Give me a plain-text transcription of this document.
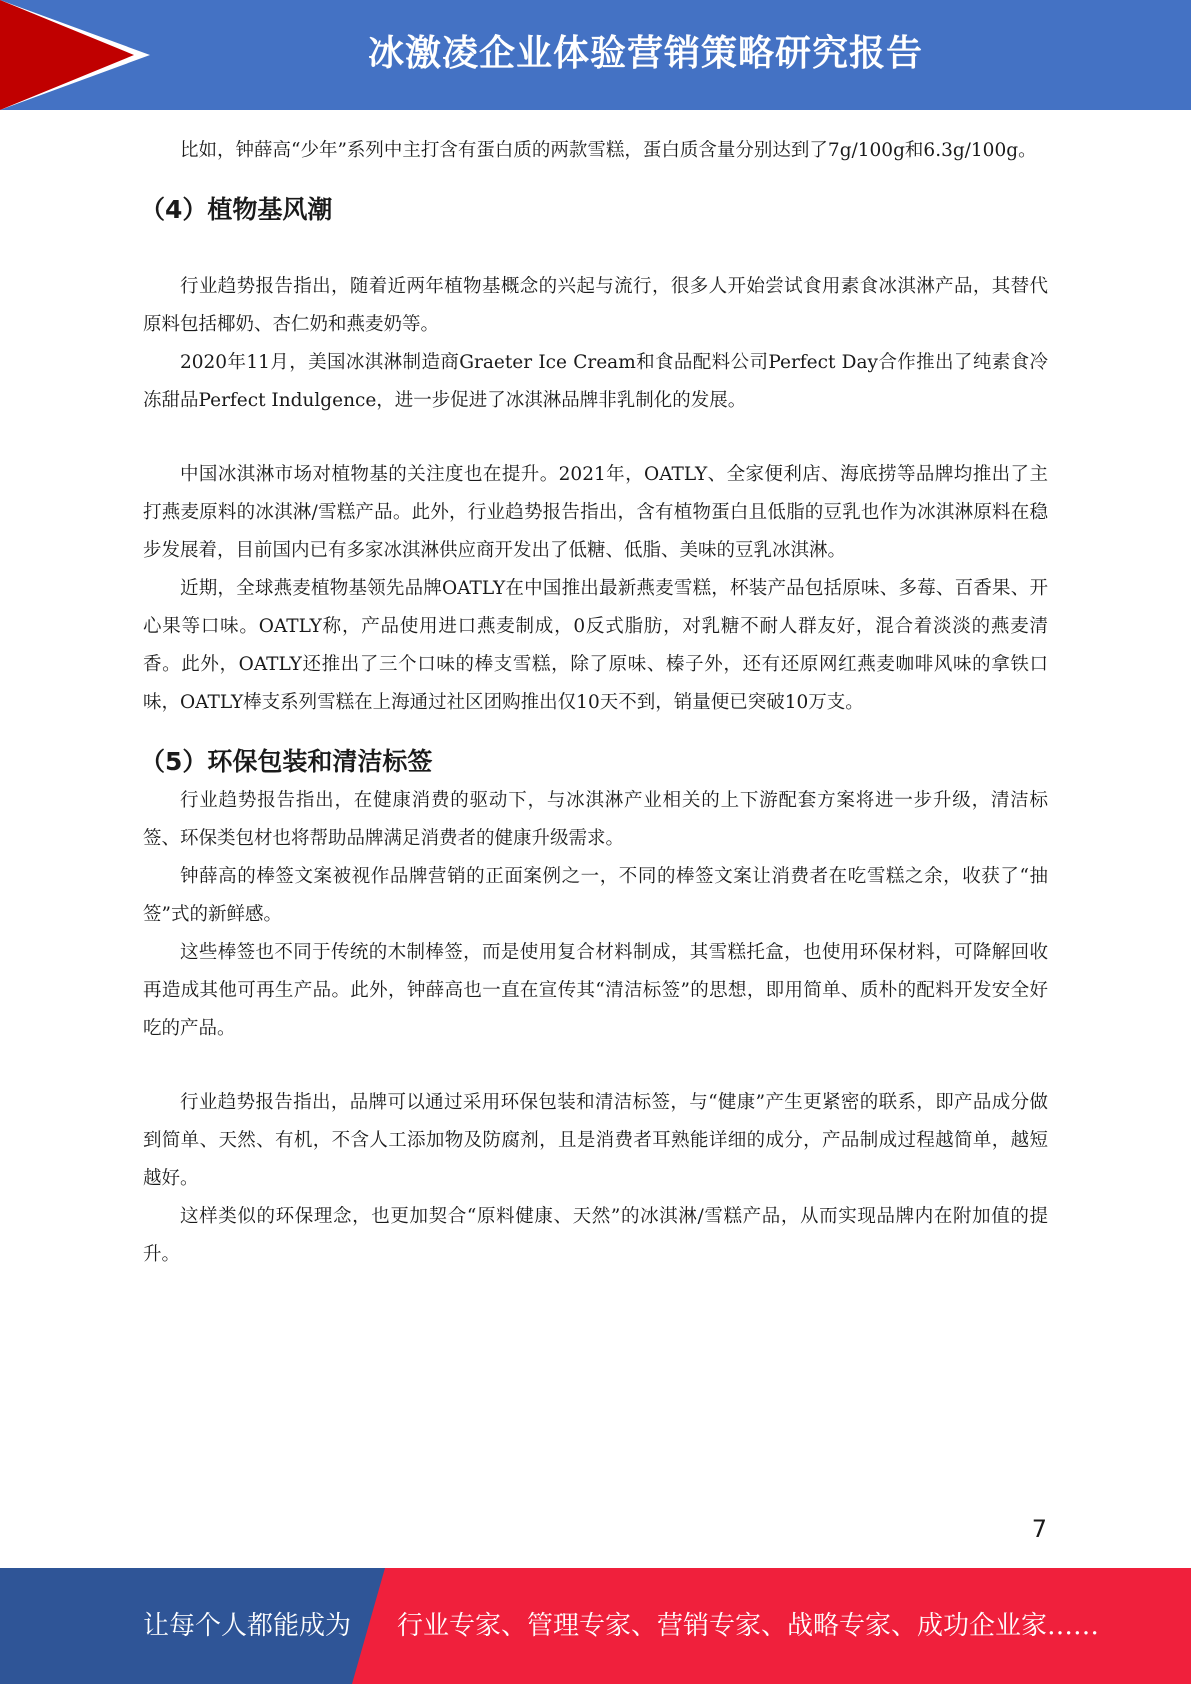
冰激凌企业体验营销策略研究报告

比如，钟薛高“少年”系列中主打含有蛋白质的两款雪糕，蛋白质含量分别达到了7g/100g和6.3g/100g。

（4）植物基风潮

行业趋势报告指出，随着近两年植物基概念的兴起与流行，很多人开始尝试食用素食冰淇淋产品，其替代原料包括椰奶、杏仁奶和燕麦奶等。

2020年11月，美国冰淇淋制造商Graeter Ice Cream和食品配料公司Perfect Day合作推出了纯素食冷冻甜品Perfect Indulgence，进一步促进了冰淇淋品牌非乳制化的发展。

中国冰淇淋市场对植物基的关注度也在提升。2021年，OATLY、全家便利店、海底捞等品牌均推出了主打燕麦原料的冰淇淋/雪糕产品。此外，行业趋势报告指出，含有植物蛋白且低脂的豆乳也作为冰淇淋原料在稳步发展着，目前国内已有多家冰淇淋供应商开发出了低糖、低脂、美味的豆乳冰淇淋。

近期，全球燕麦植物基领先品牌OATLY在中国推出最新燕麦雪糕，杯装产品包括原味、多莓、百香果、开心果等口味。OATLY称，产品使用进口燕麦制成，0反式脂肪，对乳糖不耐人群友好，混合着淡淡的燕麦清香。此外，OATLY还推出了三个口味的棒支雪糕，除了原味、榛子外，还有还原网红燕麦咖啡风味的拿铁口味，OATLY棒支系列雪糕在上海通过社区团购推出仅10天不到，销量便已突破10万支。

（5）环保包装和清洁标签

行业趋势报告指出，在健康消费的驱动下，与冰淇淋产业相关的上下游配套方案将进一步升级，清洁标签、环保类包材也将帮助品牌满足消费者的健康升级需求。

钟薛高的棒签文案被视作品牌营销的正面案例之一，不同的棒签文案让消费者在吃雪糕之余，收获了“抽签”式的新鲜感。

这些棒签也不同于传统的木制棒签，而是使用复合材料制成，其雪糕托盒，也使用环保材料，可降解回收再造成其他可再生产品。此外，钟薛高也一直在宣传其“清洁标签”的思想，即用简单、质朴的配料开发安全好吃的产品。

行业趋势报告指出，品牌可以通过采用环保包装和清洁标签，与“健康”产生更紧密的联系，即产品成分做到简单、天然、有机，不含人工添加物及防腐剂，且是消费者耳熟能详细的成分，产品制成过程越简单，越短越好。

这样类似的环保理念，也更加契合“原料健康、天然”的冰淇淋/雪糕产品，从而实现品牌内在附加值的提升。

7
让每个人都能成为 行业专家、管理专家、营销专家、战略专家、成功企业家……
